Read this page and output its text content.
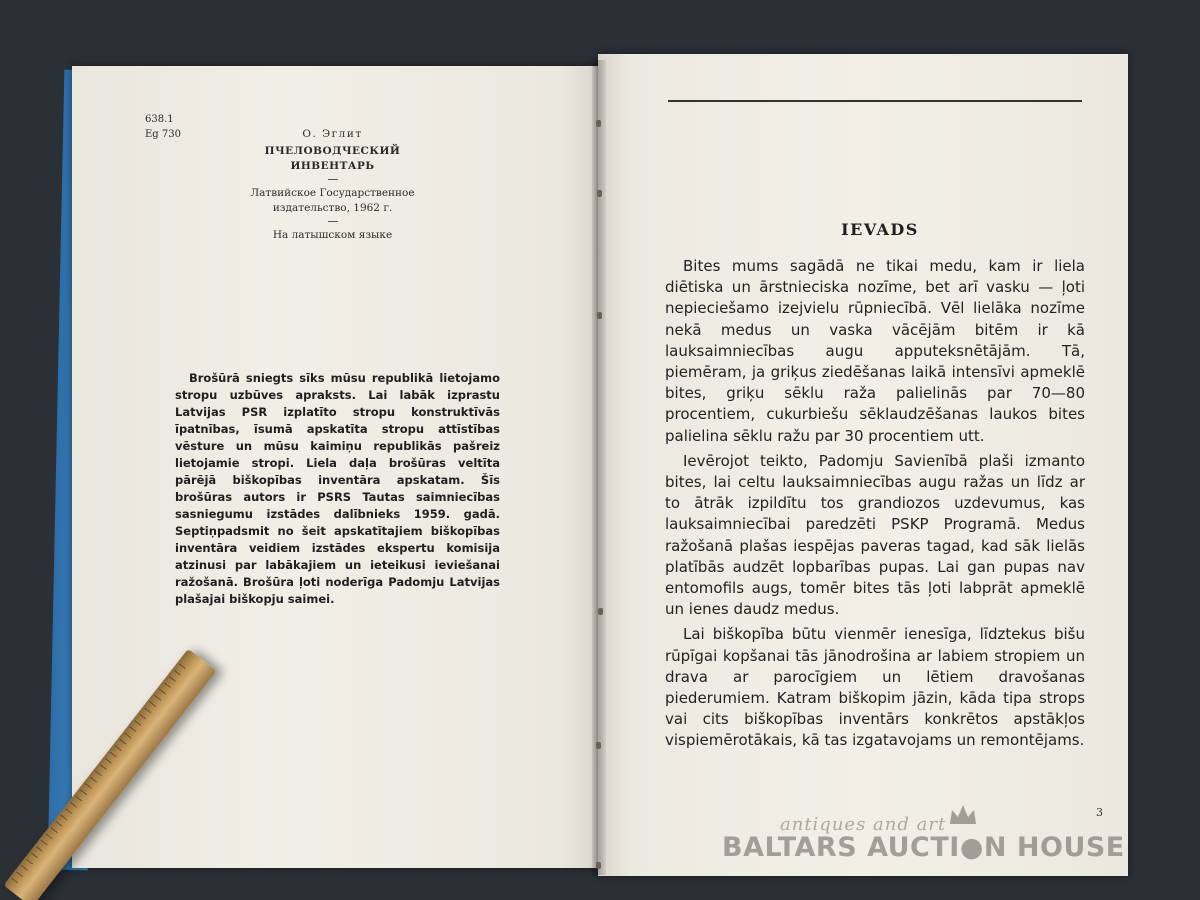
638.1
Eg 730	О. Эглит
ПЧЕЛОВОДЧЕСКИЙ ИНВЕНТАРЬ
Латвийское Государственное издательство, 1962 г.
На латышском языке
Brošūrā sniegts sīks mūsu republikā lietojamo stropu uzbūves apraksts. Lai labāk izprastu Latvijas PSR izplatīto stropu konstruktīvās īpatnības, īsumā apskatīta stropu attīstības vēsture un mūsu kaimiņu republikās pašreiz lietojamie stropi. Liela daļa brošūras veltīta pārējā biškopības inventāra apskatam. Šīs brošūras autors ir PSRS Tautas saimniecības sasniegumu izstādes dalībnieks 1959. gadā. Septiņpadsmit no šeit apskatītajiem biškopības inventāra veidiem izstādes ekspertu komisija atzinusi par labākajiem un ieteikusi ieviešanai ražošanā. Brošūra ļoti noderīga Padomju Latvijas plašajai biškopju saimei.
IEVADS

Bites mums sagādā ne tikai medu, kam ir liela diētiska un ārstnieciska nozīme, bet arī vasku — ļoti nepieciešamo izejvielu rūpniecībā. Vēl lielāka nozīme nekā medus un vaska vācējām bitēm ir kā lauksaimniecības augu apputeksnētājām. Tā, piemēram, ja griķus ziedēšanas laikā intensīvi apmeklē bites, griķu sēklu raža palielinās par 70—80 procentiem, cukurbiešu sēklaudzēšanas laukos bites palielina sēklu ražu par 30 procentiem utt.

Ievērojot teikto, Padomju Savienībā plaši izmanto bites, lai celtu lauksaimniecības augu ražas un līdz ar to ātrāk izpildītu tos grandiozos uzdevumus, kas lauksaimniecībai paredzēti PSKP Programā. Medus ražošanā plašas iespējas paveras tagad, kad sāk lielās platībās audzēt lopbarības pupas. Lai gan pupas nav entomofils augs, tomēr bites tās ļoti labprāt apmeklē un ienes daudz medus.

Lai biškopība būtu vienmēr ienesīga, līdztekus bišu rūpīgai kopšanai tās jānodrošina ar labiem stropiem un drava ar parocīgiem un lētiem dravošanas piederumiem. Katram biškopim jāzin, kāda tipa strops vai cits biškopības inventārs konkrētos apstākļos vispiemērotākais, kā tas izgatavojams un remontējams.

3
antiques and art
BALTARS AUCTI●N HOUSE
